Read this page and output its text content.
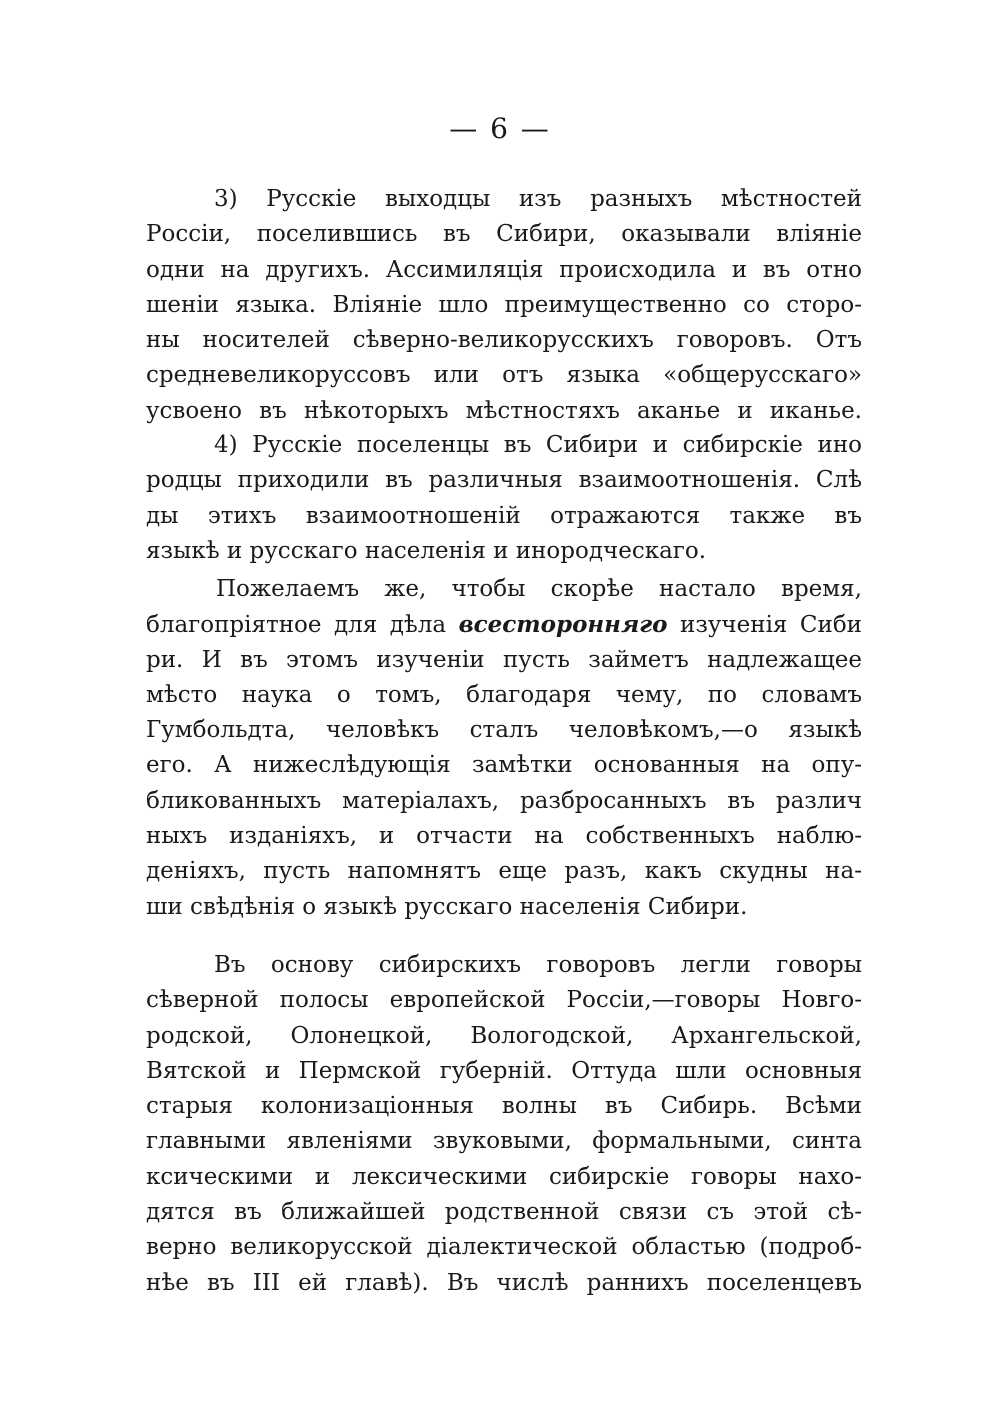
— 6 —
3) Русскіе выходцы изъ разныхъ мѣстностей
Россіи, поселившись въ Сибири, оказывали вліяніе
одни на другихъ. Ассимиляція происходила и въ отно
шеніи языка. Вліяніе шло преимущественно со сторо-
ны носителей сѣверно-великорусскихъ говоровъ. Отъ
средневеликоруссовъ или отъ языка «общерусскаго»
усвоено въ нѣкоторыхъ мѣстностяхъ аканье и иканье.
4) Русскіе поселенцы въ Сибири и сибирскіе ино
родцы приходили въ различныя взаимоотношенія. Слѣ
ды этихъ взаимоотношеній отражаются также въ
языкѣ и русскаго населенія и инородческаго.
Пожелаемъ же, чтобы скорѣе настало время,
благопріятное для дѣла всесторонняго изученія Сиби
ри. И въ этомъ изученіи пусть займетъ надлежащее
мѣсто наука о томъ, благодаря чему, по словамъ
Гумбольдта, человѣкъ сталъ человѣкомъ,—о языкѣ
его. А нижеслѣдующія замѣтки основанныя на опу-
бликованныхъ матеріалахъ, разбросанныхъ въ различ
ныхъ изданіяхъ, и отчасти на собственныхъ наблю-
деніяхъ, пусть напомнятъ еще разъ, какъ скудны на-
ши свѣдѣнія о языкѣ русскаго населенія Сибири.
Въ основу сибирскихъ говоровъ легли говоры
сѣверной полосы европейской Россіи,—говоры Новго-
родской, Олонецкой, Вологодской, Архангельской,
Вятской и Пермской губерній. Оттуда шли основныя
старыя колонизаціонныя волны въ Сибирь. Всѣми
главными явленіями звуковыми, формальными, синта
ксическими и лексическими сибирскіе говоры нахо-
дятся въ ближайшей родственной связи съ этой сѣ-
верно великорусской діалектической областью (подроб-
нѣе въ III ей главѣ). Въ числѣ раннихъ поселенцевъ
